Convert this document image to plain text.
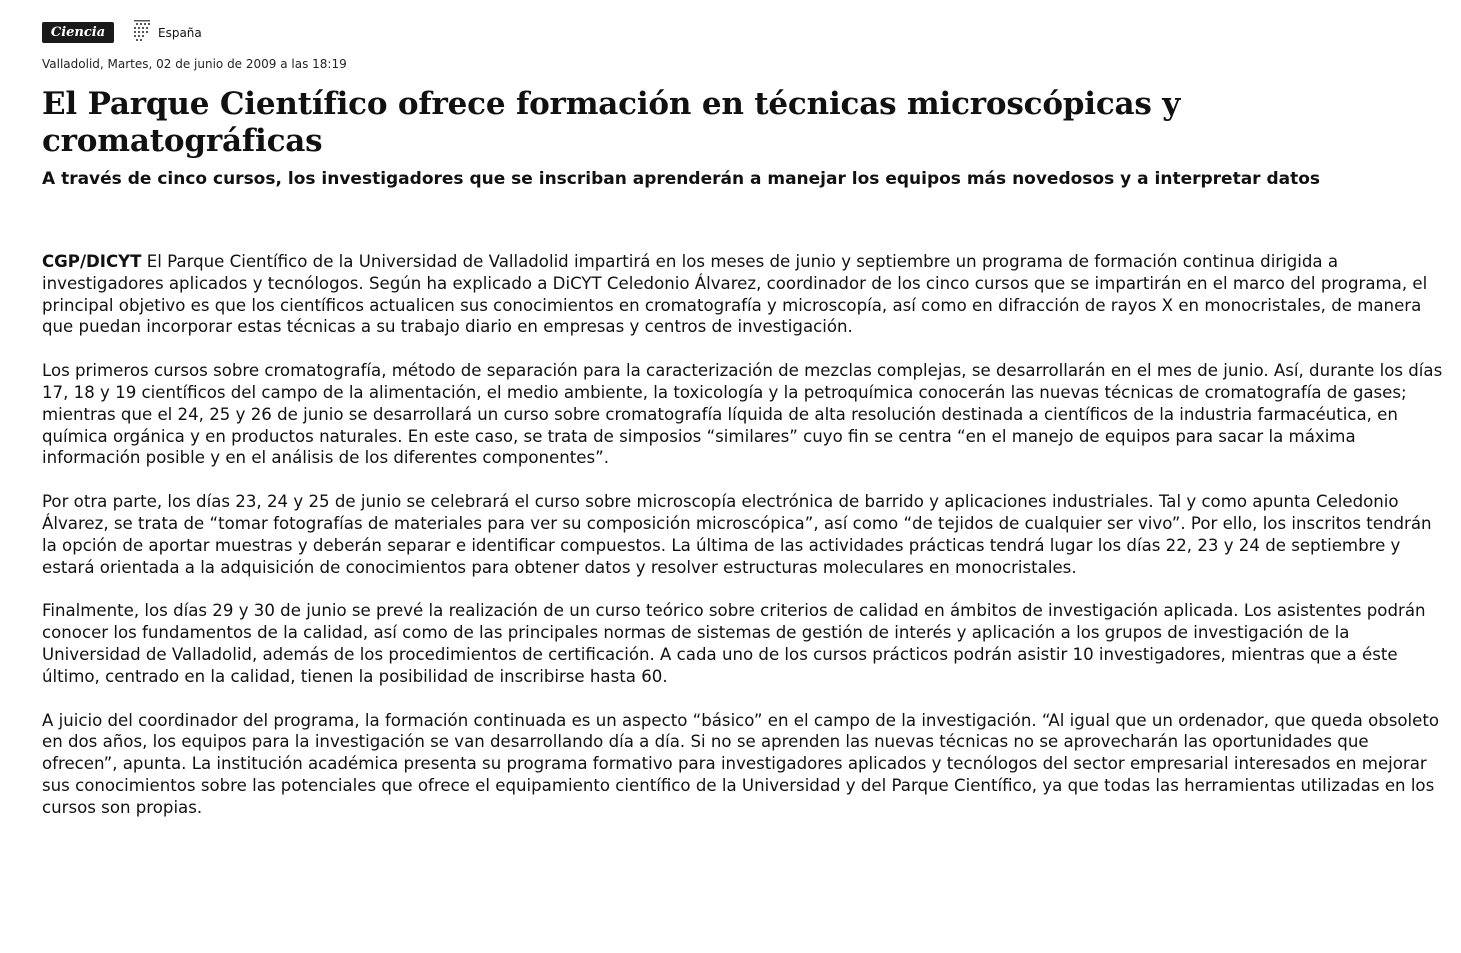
Ciencia	España
Valladolid, Martes, 02 de junio de 2009 a las 18:19
El Parque Científico ofrece formación en técnicas microscópicas y cromatográficas
A través de cinco cursos, los investigadores que se inscriban aprenderán a manejar los equipos más novedosos y a interpretar datos

CGP/DICYT El Parque Científico de la Universidad de Valladolid impartirá en los meses de junio y septiembre un programa de formación continua dirigida a investigadores aplicados y tecnólogos. Según ha explicado a DiCYT Celedonio Álvarez, coordinador de los cinco cursos que se impartirán en el marco del programa, el principal objetivo es que los científicos actualicen sus conocimientos en cromatografía y microscopía, así como en difracción de rayos X en monocristales, de manera que puedan incorporar estas técnicas a su trabajo diario en empresas y centros de investigación.

Los primeros cursos sobre cromatografía, método de separación para la caracterización de mezclas complejas, se desarrollarán en el mes de junio. Así, durante los días 17, 18 y 19 científicos del campo de la alimentación, el medio ambiente, la toxicología y la petroquímica conocerán las nuevas técnicas de cromatografía de gases; mientras que el 24, 25 y 26 de junio se desarrollará un curso sobre cromatografía líquida de alta resolución destinada a científicos de la industria farmacéutica, en química orgánica y en productos naturales. En este caso, se trata de simposios “similares” cuyo fin se centra “en el manejo de equipos para sacar la máxima información posible y en el análisis de los diferentes componentes”.

Por otra parte, los días 23, 24 y 25 de junio se celebrará el curso sobre microscopía electrónica de barrido y aplicaciones industriales. Tal y como apunta Celedonio Álvarez, se trata de “tomar fotografías de materiales para ver su composición microscópica”, así como “de tejidos de cualquier ser vivo”. Por ello, los inscritos tendrán la opción de aportar muestras y deberán separar e identificar compuestos. La última de las actividades prácticas tendrá lugar los días 22, 23 y 24 de septiembre y estará orientada a la adquisición de conocimientos para obtener datos y resolver estructuras moleculares en monocristales.

Finalmente, los días 29 y 30 de junio se prevé la realización de un curso teórico sobre criterios de calidad en ámbitos de investigación aplicada. Los asistentes podrán conocer los fundamentos de la calidad, así como de las principales normas de sistemas de gestión de interés y aplicación a los grupos de investigación de la Universidad de Valladolid, además de los procedimientos de certificación. A cada uno de los cursos prácticos podrán asistir 10 investigadores, mientras que a éste último, centrado en la calidad, tienen la posibilidad de inscribirse hasta 60.

A juicio del coordinador del programa, la formación continuada es un aspecto “básico” en el campo de la investigación. “Al igual que un ordenador, que queda obsoleto en dos años, los equipos para la investigación se van desarrollando día a día. Si no se aprenden las nuevas técnicas no se aprovecharán las oportunidades que ofrecen”, apunta. La institución académica presenta su programa formativo para investigadores aplicados y tecnólogos del sector empresarial interesados en mejorar sus conocimientos sobre las potenciales que ofrece el equipamiento científico de la Universidad y del Parque Científico, ya que todas las herramientas utilizadas en los cursos son propias.
